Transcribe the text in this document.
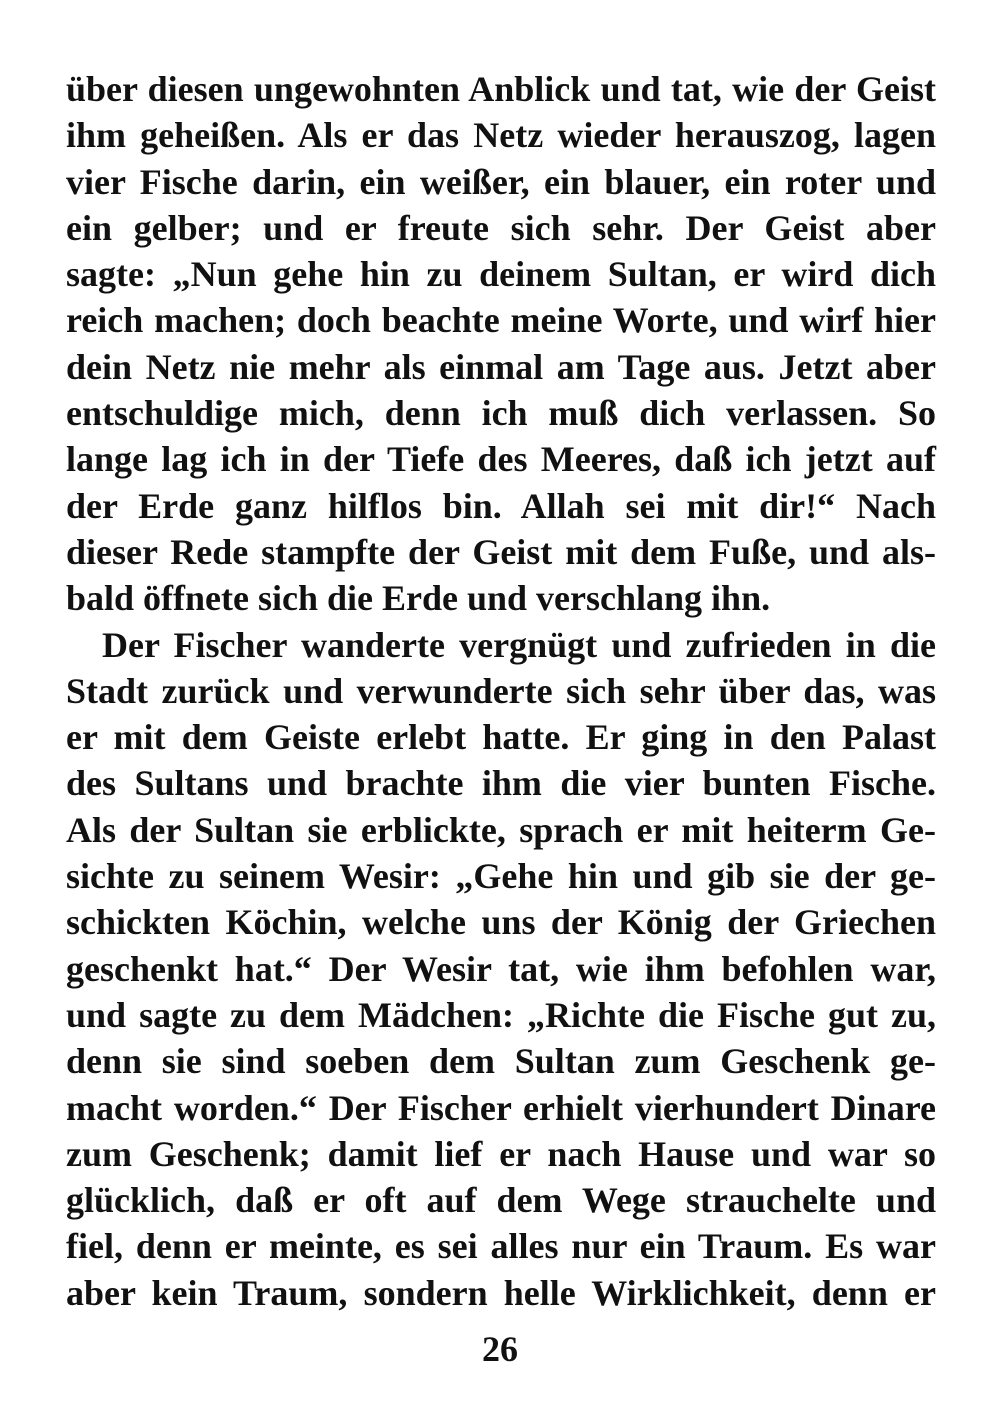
über diesen ungewohnten Anblick und tat, wie der Geist
ihm geheißen. Als er das Netz wieder herauszog, lagen
vier Fische darin, ein weißer, ein blauer, ein roter und
ein gelber; und er freute sich sehr. Der Geist aber
sagte: „Nun gehe hin zu deinem Sultan, er wird dich
reich machen; doch beachte meine Worte, und wirf hier
dein Netz nie mehr als einmal am Tage aus. Jetzt aber
entschuldige mich, denn ich muß dich verlassen. So
lange lag ich in der Tiefe des Meeres, daß ich jetzt auf
der Erde ganz hilflos bin. Allah sei mit dir!“ Nach
dieser Rede stampfte der Geist mit dem Fuße, und als-
bald öffnete sich die Erde und verschlang ihn.
Der Fischer wanderte vergnügt und zufrieden in die
Stadt zurück und verwunderte sich sehr über das, was
er mit dem Geiste erlebt hatte. Er ging in den Palast
des Sultans und brachte ihm die vier bunten Fische.
Als der Sultan sie erblickte, sprach er mit heiterm Ge-
sichte zu seinem Wesir: „Gehe hin und gib sie der ge-
schickten Köchin, welche uns der König der Griechen
geschenkt hat.“ Der Wesir tat, wie ihm befohlen war,
und sagte zu dem Mädchen: „Richte die Fische gut zu,
denn sie sind soeben dem Sultan zum Geschenk ge-
macht worden.“ Der Fischer erhielt vierhundert Dinare
zum Geschenk; damit lief er nach Hause und war so
glücklich, daß er oft auf dem Wege strauchelte und
fiel, denn er meinte, es sei alles nur ein Traum. Es war
aber kein Traum, sondern helle Wirklichkeit, denn er
26
